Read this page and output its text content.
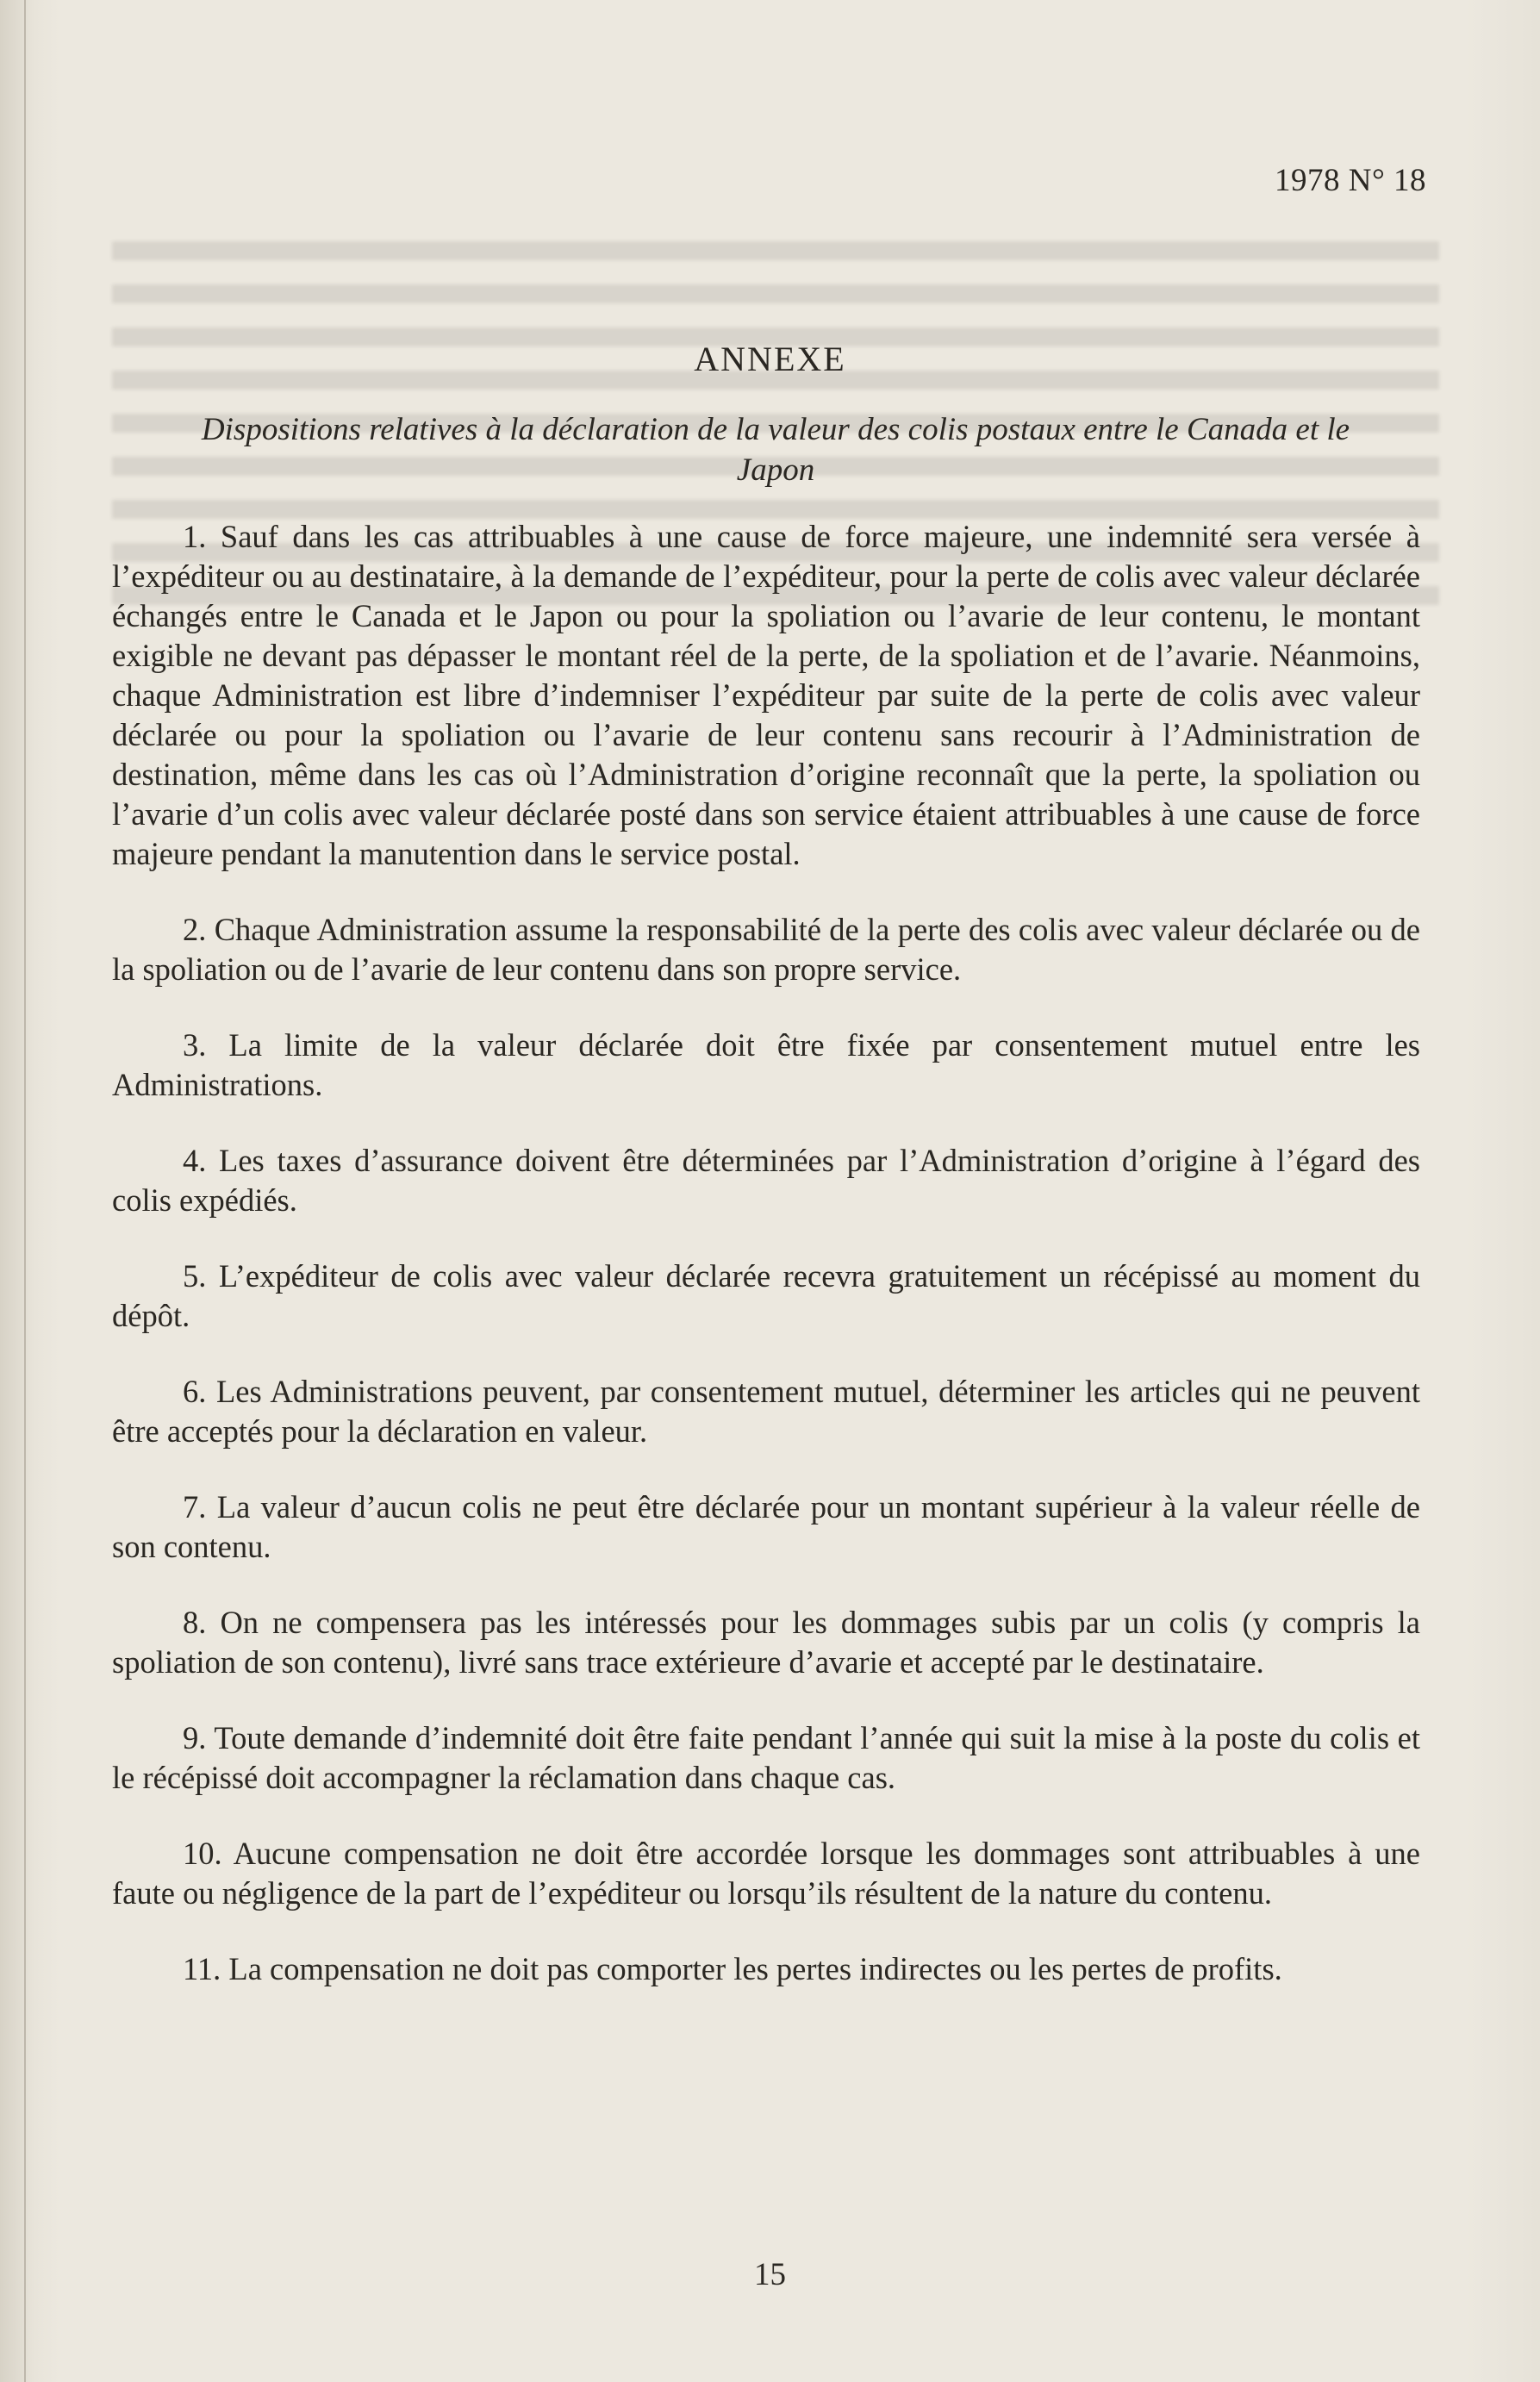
1978 N° 18
ANNEXE
Dispositions relatives à la déclaration de la valeur des colis postaux entre le Canada et le Japon

1. Sauf dans les cas attribuables à une cause de force majeure, une indemnité sera versée à l’expéditeur ou au destinataire, à la demande de l’expéditeur, pour la perte de colis avec valeur déclarée échangés entre le Canada et le Japon ou pour la spoliation ou l’avarie de leur contenu, le montant exigible ne devant pas dépasser le montant réel de la perte, de la spoliation et de l’avarie. Néanmoins, chaque Administration est libre d’indemniser l’expéditeur par suite de la perte de colis avec valeur déclarée ou pour la spoliation ou l’avarie de leur contenu sans recourir à l’Administration de destination, même dans les cas où l’Administration d’origine reconnaît que la perte, la spoliation ou l’avarie d’un colis avec valeur déclarée posté dans son service étaient attribuables à une cause de force majeure pendant la manutention dans le service postal.

2. Chaque Administration assume la responsabilité de la perte des colis avec valeur déclarée ou de la spoliation ou de l’avarie de leur contenu dans son propre service.

3. La limite de la valeur déclarée doit être fixée par consentement mutuel entre les Administrations.

4. Les taxes d’assurance doivent être déterminées par l’Administration d’origine à l’égard des colis expédiés.

5. L’expéditeur de colis avec valeur déclarée recevra gratuitement un récépissé au moment du dépôt.

6. Les Administrations peuvent, par consentement mutuel, déterminer les articles qui ne peuvent être acceptés pour la déclaration en valeur.

7. La valeur d’aucun colis ne peut être déclarée pour un montant supérieur à la valeur réelle de son contenu.

8. On ne compensera pas les intéressés pour les dommages subis par un colis (y compris la spoliation de son contenu), livré sans trace extérieure d’avarie et accepté par le destinataire.

9. Toute demande d’indemnité doit être faite pendant l’année qui suit la mise à la poste du colis et le récépissé doit accompagner la réclamation dans chaque cas.

10. Aucune compensation ne doit être accordée lorsque les dommages sont attribuables à une faute ou négligence de la part de l’expéditeur ou lorsqu’ils résultent de la nature du contenu.

11. La compensation ne doit pas comporter les pertes indirectes ou les pertes de profits.

15
